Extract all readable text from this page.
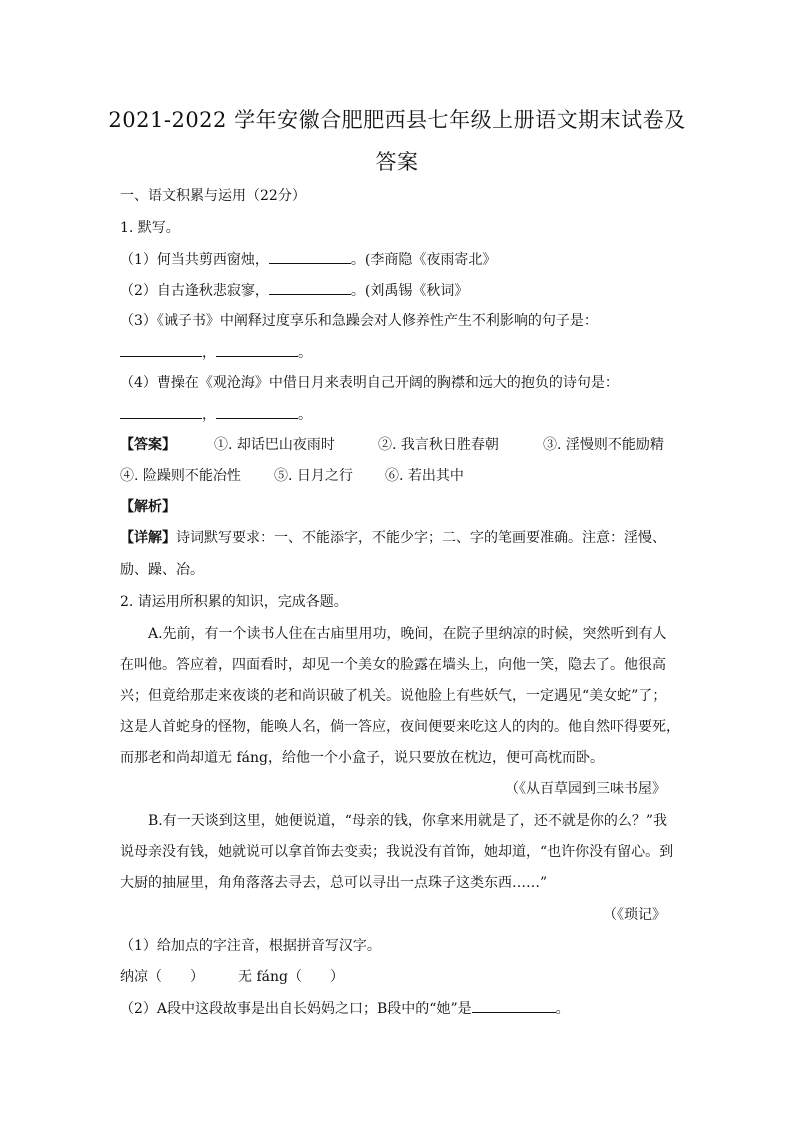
2021-2022 学年安徽合肥肥西县七年级上册语文期末试卷及
答案
一、语文积累与运用（22分）
1. 默写。
（1）何当共剪西窗烛，	。(李商隐《夜雨寄北》
（2）自古逢秋悲寂寥，	。(刘禹锡《秋词》
（3）《诫子书》中阐释过度享乐和急躁会对人修养性产生不利影响的句子是：
，	。
（4）曹操在《观沧海》中借日月来表明自己开阔的胸襟和远大的抱负的诗句是：
，	。
【答案】	①. 却话巴山夜雨时	②. 我言秋日胜春朝	③. 淫慢则不能励精
④. 险躁则不能冶性 ⑤. 日月之行 ⑥. 若出其中
【解析】
【详解】诗词默写要求：一、不能添字，不能少字；二、字的笔画要准确。注意：淫慢、
励、躁、冶。
2. 请运用所积累的知识，完成各题。
A.先前，有一个读书人住在古庙里用功，晚间，在院子里纳凉的时候，突然听到有人
在叫他。答应着，四面看时，却见一个美女的脸露在墙头上，向他一笑，隐去了。他很高
兴；但竟给那走来夜谈的老和尚识破了机关。说他脸上有些妖气，一定遇见“美女蛇”了；
这是人首蛇身的怪物，能唤人名，倘一答应，夜间便要来吃这人的肉的。他自然吓得要死，
而那老和尚却道无 fáng，给他一个小盒子，说只要放在枕边，便可高枕而卧。
（《从百草园到三味书屋》
B.有一天谈到这里，她便说道，“母亲的钱，你拿来用就是了，还不就是你的么？”我
说母亲没有钱，她就说可以拿首饰去变卖；我说没有首饰，她却道，“也许你没有留心。到
大厨的抽屉里，角角落落去寻去，总可以寻出一点珠子这类东西……”
（《琐记》
（1）给加点的字注音，根据拼音写汉字。
纳凉（　　） 无 fáng（　　）
（2）A段中这段故事是出自长妈妈之口；B段中的“她”是	。
